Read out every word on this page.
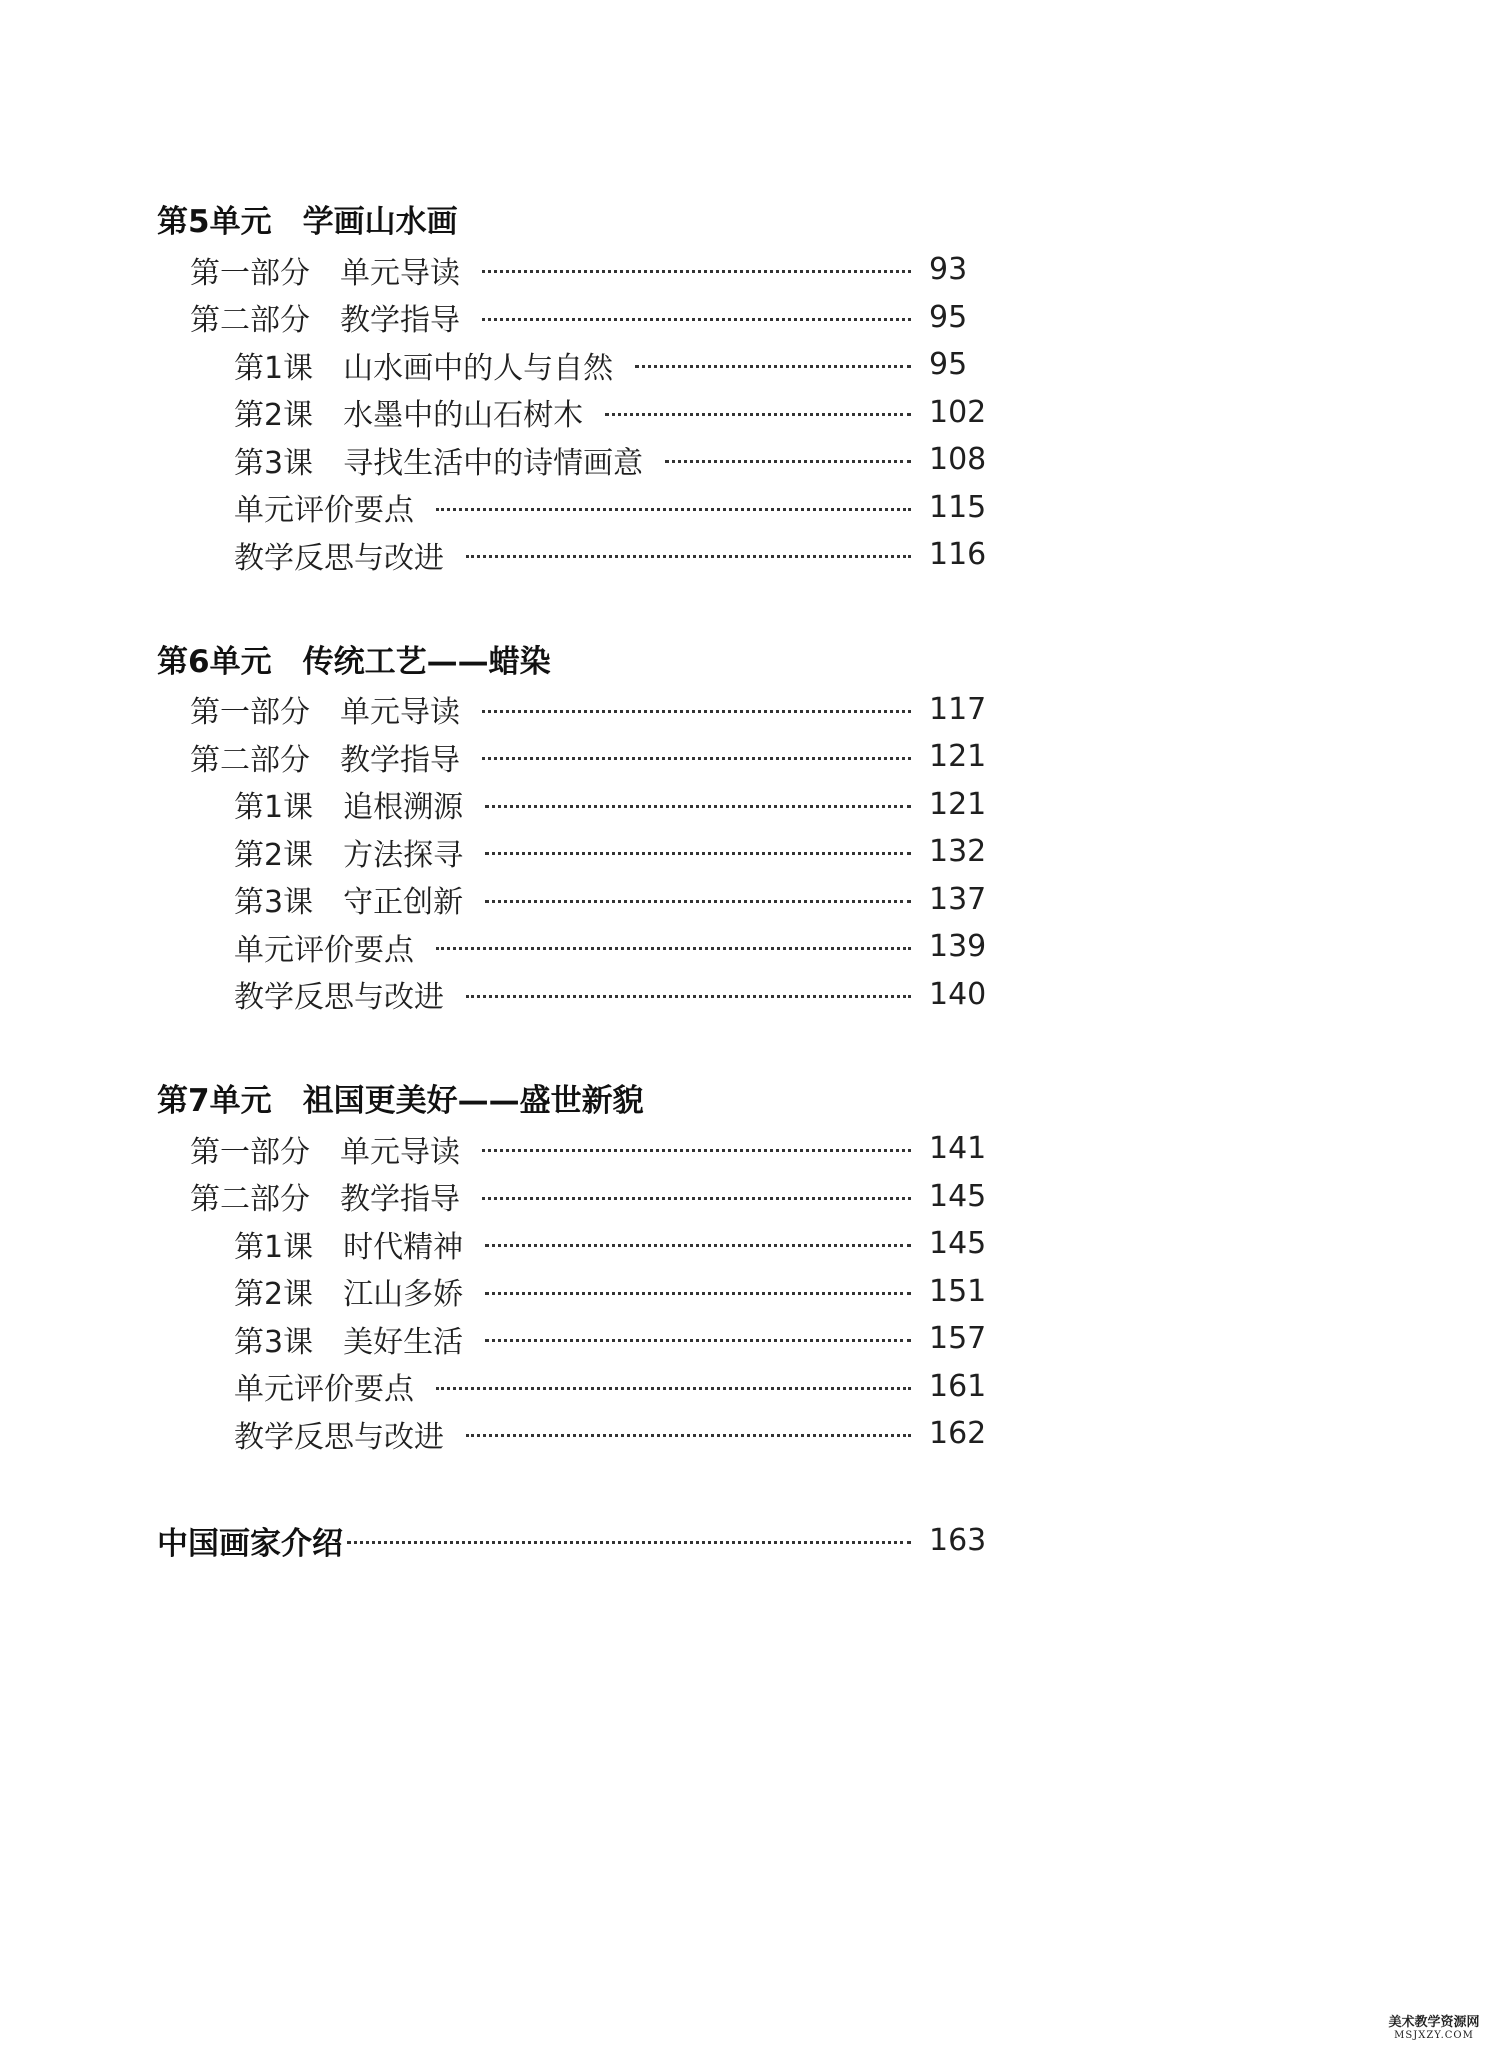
第5单元　学画山水画
第一部分　单元导读	93
第二部分　教学指导	95
第1课　山水画中的人与自然	95
第2课　水墨中的山石树木	102
第3课　寻找生活中的诗情画意	108
单元评价要点	115
教学反思与改进	116
第6单元　传统工艺——蜡染
第一部分　单元导读	117
第二部分　教学指导	121
第1课　追根溯源	121
第2课　方法探寻	132
第3课　守正创新	137
单元评价要点	139
教学反思与改进	140
第7单元　祖国更美好——盛世新貌
第一部分　单元导读	141
第二部分　教学指导	145
第1课　时代精神	145
第2课　江山多娇	151
第3课　美好生活	157
单元评价要点	161
教学反思与改进	162
中国画家介绍	163
美术教学资源网
MSJXZY.COM
